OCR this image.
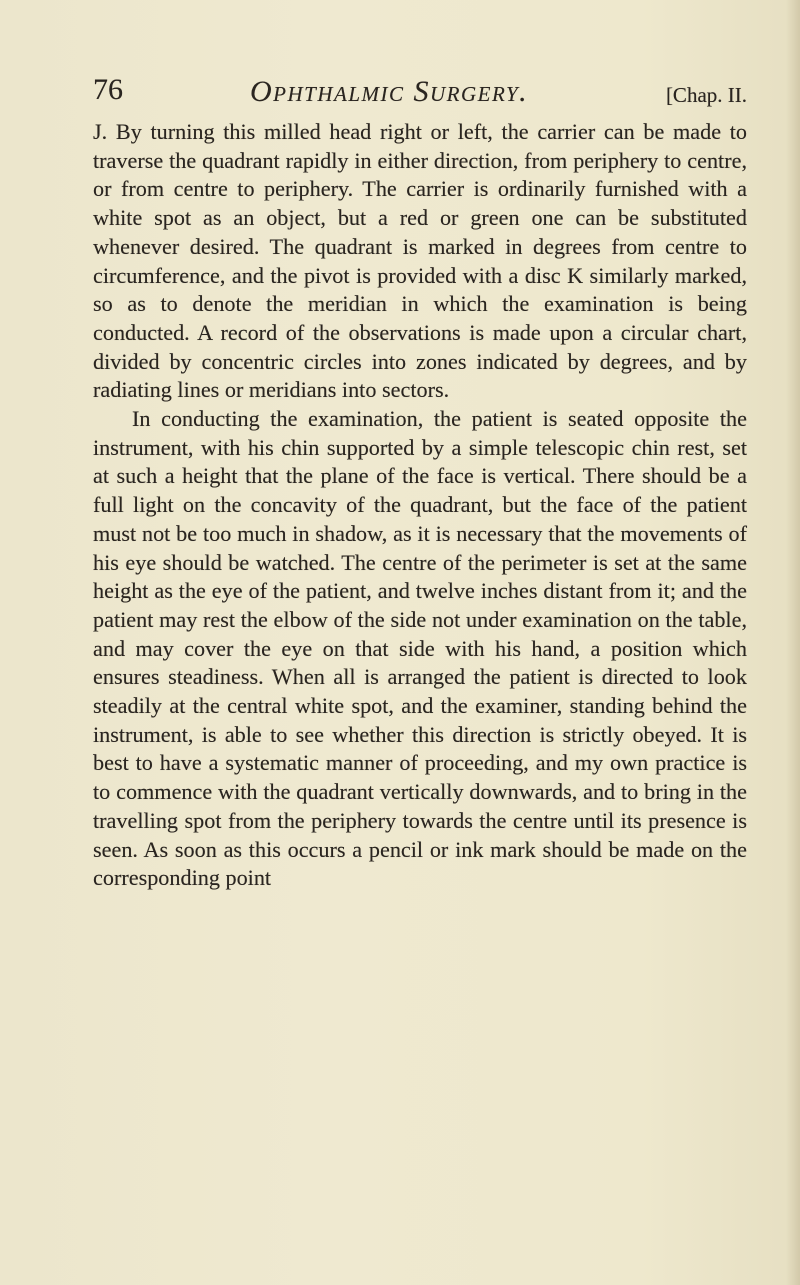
76	Ophthalmic Surgery.	[Chap. II.

J. By turning this milled head right or left, the carrier can be made to traverse the quadrant rapidly in either direction, from periphery to centre, or from centre to periphery. The carrier is ordinarily furnished with a white spot as an object, but a red or green one can be substituted whenever desired. The quadrant is marked in degrees from centre to circumference, and the pivot is provided with a disc K similarly marked, so as to denote the meridian in which the examination is being conducted. A record of the observations is made upon a circular chart, divided by concentric circles into zones indicated by degrees, and by radiating lines or meridians into sectors.

In conducting the examination, the patient is seated opposite the instrument, with his chin supported by a simple telescopic chin rest, set at such a height that the plane of the face is vertical. There should be a full light on the concavity of the quadrant, but the face of the patient must not be too much in shadow, as it is necessary that the movements of his eye should be watched. The centre of the perimeter is set at the same height as the eye of the patient, and twelve inches distant from it; and the patient may rest the elbow of the side not under examination on the table, and may cover the eye on that side with his hand, a position which ensures steadiness. When all is arranged the patient is directed to look steadily at the central white spot, and the examiner, standing behind the instrument, is able to see whether this direction is strictly obeyed. It is best to have a systematic manner of proceeding, and my own practice is to commence with the quadrant vertically downwards, and to bring in the travelling spot from the periphery towards the centre until its presence is seen. As soon as this occurs a pencil or ink mark should be made on the corresponding point
